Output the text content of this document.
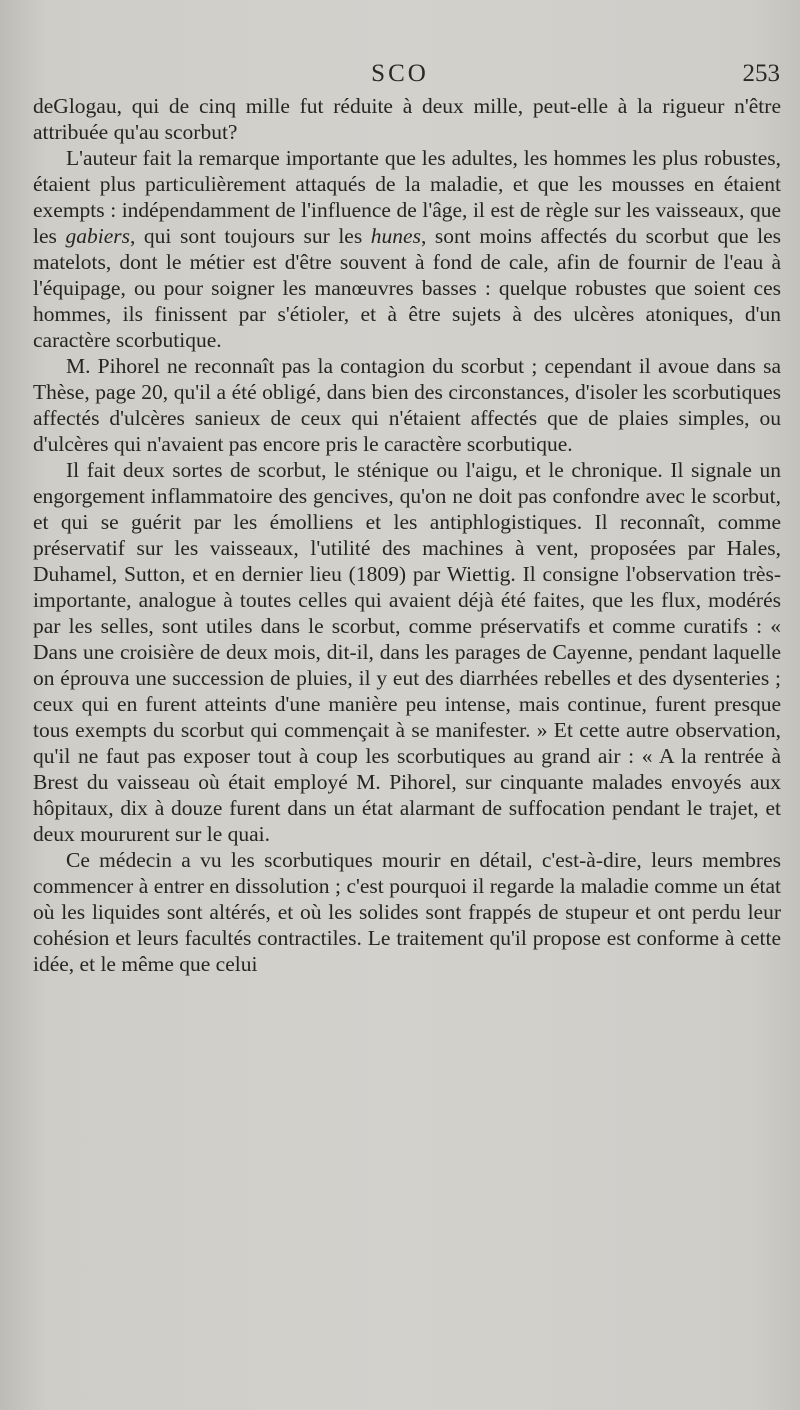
SCO	253

deGlogau, qui de cinq mille fut réduite à deux mille, peut-elle à la rigueur n'être attribuée qu'au scorbut?

L'auteur fait la remarque importante que les adultes, les hommes les plus robustes, étaient plus particulièrement attaqués de la maladie, et que les mousses en étaient exempts : indépendamment de l'influence de l'âge, il est de règle sur les vaisseaux, que les gabiers, qui sont toujours sur les hunes, sont moins affectés du scorbut que les matelots, dont le métier est d'être souvent à fond de cale, afin de fournir de l'eau à l'équipage, ou pour soigner les manœuvres basses : quelque robustes que soient ces hommes, ils finissent par s'étioler, et à être sujets à des ulcères atoniques, d'un caractère scorbutique.

M. Pihorel ne reconnaît pas la contagion du scorbut ; cependant il avoue dans sa Thèse, page 20, qu'il a été obligé, dans bien des circonstances, d'isoler les scorbutiques affectés d'ulcères sanieux de ceux qui n'étaient affectés que de plaies simples, ou d'ulcères qui n'avaient pas encore pris le caractère scorbutique.

Il fait deux sortes de scorbut, le sténique ou l'aigu, et le chronique. Il signale un engorgement inflammatoire des gencives, qu'on ne doit pas confondre avec le scorbut, et qui se guérit par les émolliens et les antiphlogistiques. Il reconnaît, comme préservatif sur les vaisseaux, l'utilité des machines à vent, proposées par Hales, Duhamel, Sutton, et en dernier lieu (1809) par Wiettig. Il consigne l'observation très-importante, analogue à toutes celles qui avaient déjà été faites, que les flux, modérés par les selles, sont utiles dans le scorbut, comme préservatifs et comme curatifs : « Dans une croisière de deux mois, dit-il, dans les parages de Cayenne, pendant laquelle on éprouva une succession de pluies, il y eut des diarrhées rebelles et des dysenteries ; ceux qui en furent atteints d'une manière peu intense, mais continue, furent presque tous exempts du scorbut qui commençait à se manifester. » Et cette autre observation, qu'il ne faut pas exposer tout à coup les scorbutiques au grand air : « A la rentrée à Brest du vaisseau où était employé M. Pihorel, sur cinquante malades envoyés aux hôpitaux, dix à douze furent dans un état alarmant de suffocation pendant le trajet, et deux moururent sur le quai.

Ce médecin a vu les scorbutiques mourir en détail, c'est-à-dire, leurs membres commencer à entrer en dissolution ; c'est pourquoi il regarde la maladie comme un état où les liquides sont altérés, et où les solides sont frappés de stupeur et ont perdu leur cohésion et leurs facultés contractiles. Le traitement qu'il propose est conforme à cette idée, et le même que celui
